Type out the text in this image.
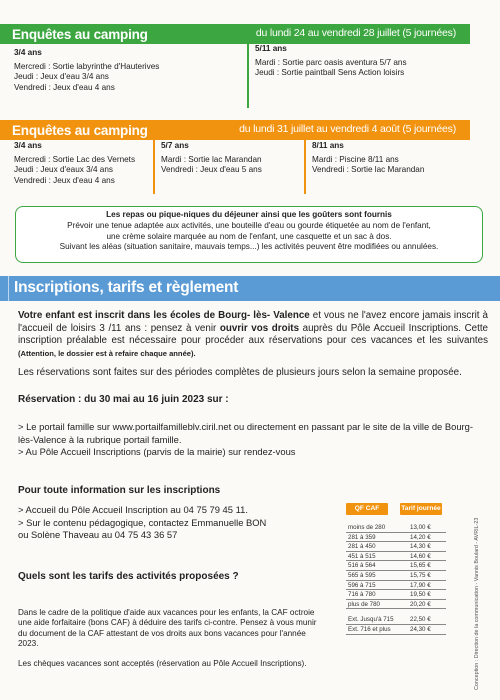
Enquêtes au camping	du lundi 24 au vendredi 28 juillet (5 journées)
3/4 ans
Mercredi : Sortie labyrinthe d'Hauterives
Jeudi : Jeux d'eau 3/4 ans
Vendredi : Jeux d'eau 4 ans
5/11 ans
Mardi : Sortie parc oasis aventura 5/7 ans
Jeudi : Sortie paintball Sens Action loisirs
Enquêtes au camping	du lundi 31 juillet au vendredi 4 août (5 journées)
3/4 ans
Mercredi : Sortie Lac des Vernets
Jeudi : Jeux d'eaux 3/4 ans
Vendredi : Jeux d'eau 4 ans
5/7 ans
Mardi : Sortie lac Marandan
Vendredi : Jeux d'eau 5 ans
8/11 ans
Mardi : Piscine 8/11 ans
Vendredi : Sortie lac Marandan
Les repas ou pique-niques du déjeuner ainsi que les goûters sont fournis
Prévoir une tenue adaptée aux activités, une bouteille d'eau ou gourde étiquetée au nom de l'enfant,
une crème solaire marquée au nom de l'enfant, une casquette et un sac à dos.
Suivant les aléas (situation sanitaire, mauvais temps...) les activités peuvent être modifiées ou annulées.
Inscriptions, tarifs et règlement
Votre enfant est inscrit dans les écoles de Bourg- lès- Valence et vous ne l'avez encore jamais inscrit à l'accueil de loisirs 3 /11 ans : pensez à venir ouvrir vos droits auprès du Pôle Accueil Inscriptions. Cette inscription préalable est nécessaire pour procéder aux réservations pour ces vacances et les suivantes (Attention, le dossier est à refaire chaque année).
Les réservations sont faites sur des périodes complètes de plusieurs jours selon la semaine proposée.
Réservation : du 30 mai au 16 juin 2023 sur :
> Le portail famille sur www.portailfamilleblv.ciril.net ou directement en passant par le site de la ville de Bourg-lès-Valence à la rubrique portail famille.
> Au Pôle Accueil Inscriptions (parvis de la mairie) sur rendez-vous
Pour toute information sur les inscriptions
> Accueil du Pôle Accueil Inscription au 04 75 79 45 11.
> Sur le contenu pédagogique, contactez Emmanuelle BON
ou Solène Thaveau au 04 75 43 36 57
Quels sont les tarifs des activités proposées ?
Dans le cadre de la politique d'aide aux vacances pour les enfants, la CAF octroie une aide forfaitaire (bons CAF) à déduire des tarifs ci-contre. Pensez à vous munir du document de la CAF attestant de vos droits aux bons vacances pour l'année 2023.
Les chèques vacances sont acceptés (réservation au Pôle Accueil Inscriptions).
QF CAF	Tarif journée
moins de 280	13,00 €
281 à 359	14,20 €
281 à 450	14,30 €
451 à 515	14,60 €
516 à 564	15,65 €
565 à 595	15,75 €
596 à 715	17,90 €
716 à 780	19,50 €
plus de 780	20,20 €
Ext. Jusqu'à 715	22,50 €
Ext. 716 et plus	24,30 €	Conception : Direction de la communication - Vannis Boulard - AVRIL-23
